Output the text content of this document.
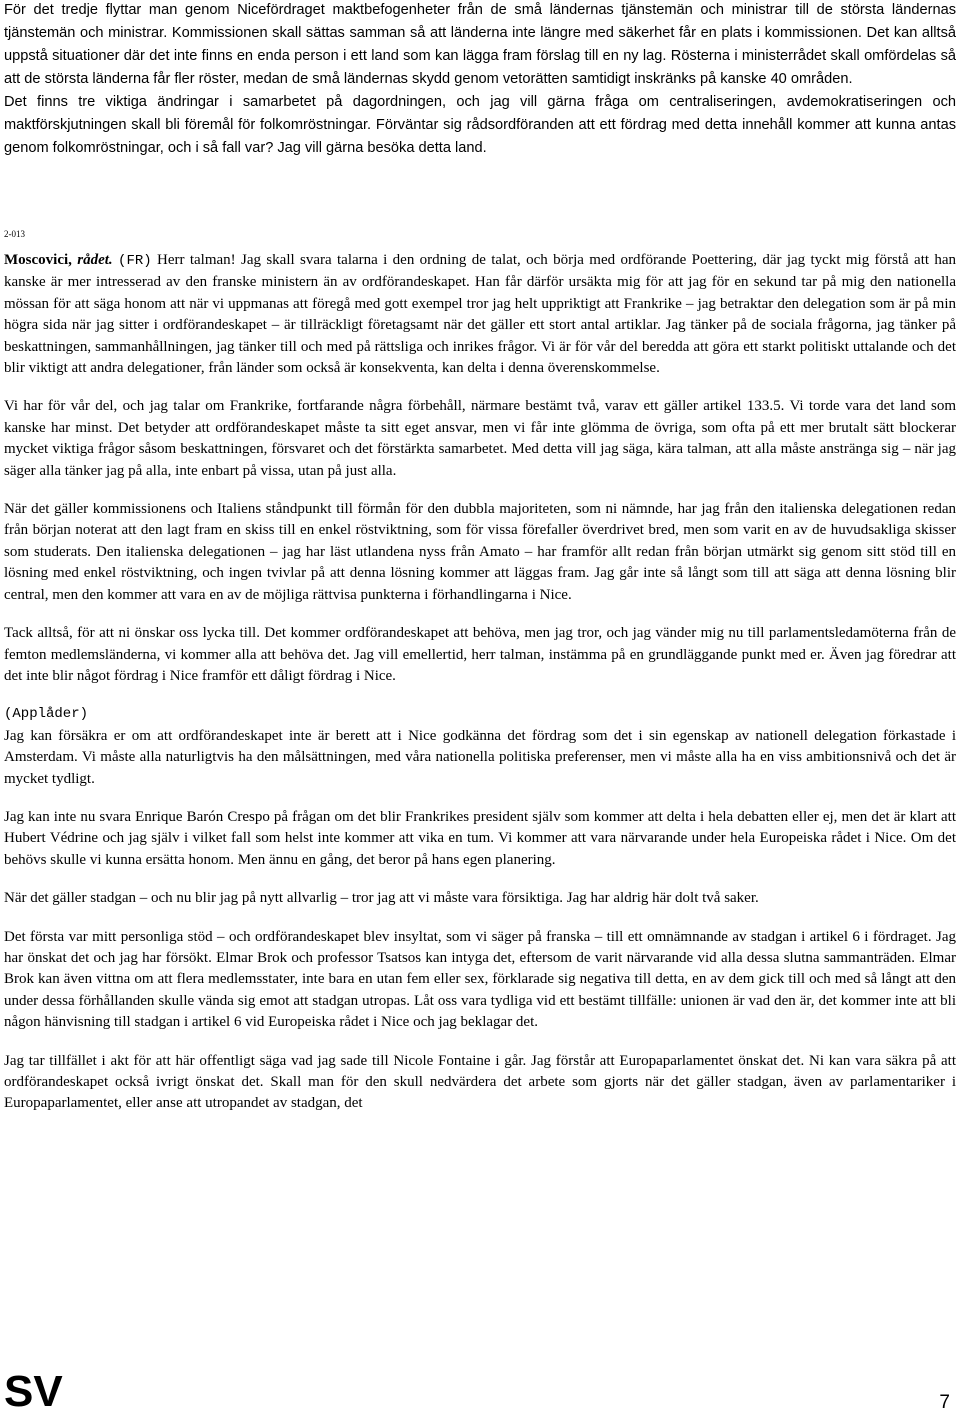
För det tredje flyttar man genom Nicefördraget maktbefogenheter från de små ländernas tjänstemän och ministrar till de största ländernas tjänstemän och ministrar. Kommissionen skall sättas samman så att länderna inte längre med säkerhet får en plats i kommissionen. Det kan alltså uppstå situationer där det inte finns en enda person i ett land som kan lägga fram förslag till en ny lag. Rösterna i ministerrådet skall omfördelas så att de största länderna får fler röster, medan de små ländernas skydd genom vetorätten samtidigt inskränks på kanske 40 områden.

Det finns tre viktiga ändringar i samarbetet på dagordningen, och jag vill gärna fråga om centraliseringen, avdemokratiseringen och maktförskjutningen skall bli föremål för folkomröstningar. Förväntar sig rådsordföranden att ett fördrag med detta innehåll kommer att kunna antas genom folkomröstningar, och i så fall var? Jag vill gärna besöka detta land.

2-013

Moscovici, rådet. (FR) Herr talman! Jag skall svara talarna i den ordning de talat, och börja med ordförande Poettering, där jag tyckt mig förstå att han kanske är mer intresserad av den franske ministern än av ordförandeskapet. Han får därför ursäkta mig för att jag för en sekund tar på mig den nationella mössan för att säga honom att när vi uppmanas att föregå med gott exempel tror jag helt uppriktigt att Frankrike – jag betraktar den delegation som är på min högra sida när jag sitter i ordförandeskapet – är tillräckligt företagsamt när det gäller ett stort antal artiklar. Jag tänker på de sociala frågorna, jag tänker på beskattningen, sammanhållningen, jag tänker till och med på rättsliga och inrikes frågor. Vi är för vår del beredda att göra ett starkt politiskt uttalande och det blir viktigt att andra delegationer, från länder som också är konsekventa, kan delta i denna överenskommelse.

Vi har för vår del, och jag talar om Frankrike, fortfarande några förbehåll, närmare bestämt två, varav ett gäller artikel 133.5. Vi torde vara det land som kanske har minst. Det betyder att ordförandeskapet måste ta sitt eget ansvar, men vi får inte glömma de övriga, som ofta på ett mer brutalt sätt blockerar mycket viktiga frågor såsom beskattningen, försvaret och det förstärkta samarbetet. Med detta vill jag säga, kära talman, att alla måste anstränga sig – när jag säger alla tänker jag på alla, inte enbart på vissa, utan på just alla.

När det gäller kommissionens och Italiens ståndpunkt till förmån för den dubbla majoriteten, som ni nämnde, har jag från den italienska delegationen redan från början noterat att den lagt fram en skiss till en enkel röstviktning, som för vissa förefaller överdrivet bred, men som varit en av de huvudsakliga skisser som studerats. Den italienska delegationen – jag har läst utlandena nyss från Amato – har framför allt redan från början utmärkt sig genom sitt stöd till en lösning med enkel röstviktning, och ingen tvivlar på att denna lösning kommer att läggas fram. Jag går inte så långt som till att säga att denna lösning blir central, men den kommer att vara en av de möjliga rättvisa punkterna i förhandlingarna i Nice.

Tack alltså, för att ni önskar oss lycka till. Det kommer ordförandeskapet att behöva, men jag tror, och jag vänder mig nu till parlamentsledamöterna från de femton medlemsländerna, vi kommer alla att behöva det. Jag vill emellertid, herr talman, instämma på en grundläggande punkt med er. Även jag föredrar att det inte blir något fördrag i Nice framför ett dåligt fördrag i Nice.

(Applåder)

Jag kan försäkra er om att ordförandeskapet inte är berett att i Nice godkänna det fördrag som det i sin egenskap av nationell delegation förkastade i Amsterdam. Vi måste alla naturligtvis ha den målsättningen, med våra nationella politiska preferenser, men vi måste alla ha en viss ambitionsnivå och det är mycket tydligt.

Jag kan inte nu svara Enrique Barón Crespo på frågan om det blir Frankrikes president själv som kommer att delta i hela debatten eller ej, men det är klart att Hubert Védrine och jag själv i vilket fall som helst inte kommer att vika en tum. Vi kommer att vara närvarande under hela Europeiska rådet i Nice. Om det behövs skulle vi kunna ersätta honom. Men ännu en gång, det beror på hans egen planering.

När det gäller stadgan – och nu blir jag på nytt allvarlig – tror jag att vi måste vara försiktiga. Jag har aldrig här dolt två saker.

Det första var mitt personliga stöd – och ordförandeskapet blev insyltat, som vi säger på franska – till ett omnämnande av stadgan i artikel 6 i fördraget. Jag har önskat det och jag har försökt. Elmar Brok och professor Tsatsos kan intyga det, eftersom de varit närvarande vid alla dessa slutna sammanträden. Elmar Brok kan även vittna om att flera medlemsstater, inte bara en utan fem eller sex, förklarade sig negativa till detta, en av dem gick till och med så långt att den under dessa förhållanden skulle vända sig emot att stadgan utropas. Låt oss vara tydliga vid ett bestämt tillfälle: unionen är vad den är, det kommer inte att bli någon hänvisning till stadgan i artikel 6 vid Europeiska rådet i Nice och jag beklagar det.

Jag tar tillfället i akt för att här offentligt säga vad jag sade till Nicole Fontaine i går. Jag förstår att Europaparlamentet önskat det. Ni kan vara säkra på att ordförandeskapet också ivrigt önskat det. Skall man för den skull nedvärdera det arbete som gjorts när det gäller stadgan, även av parlamentariker i Europaparlamentet, eller anse att utropandet av stadgan, det

SV	7
